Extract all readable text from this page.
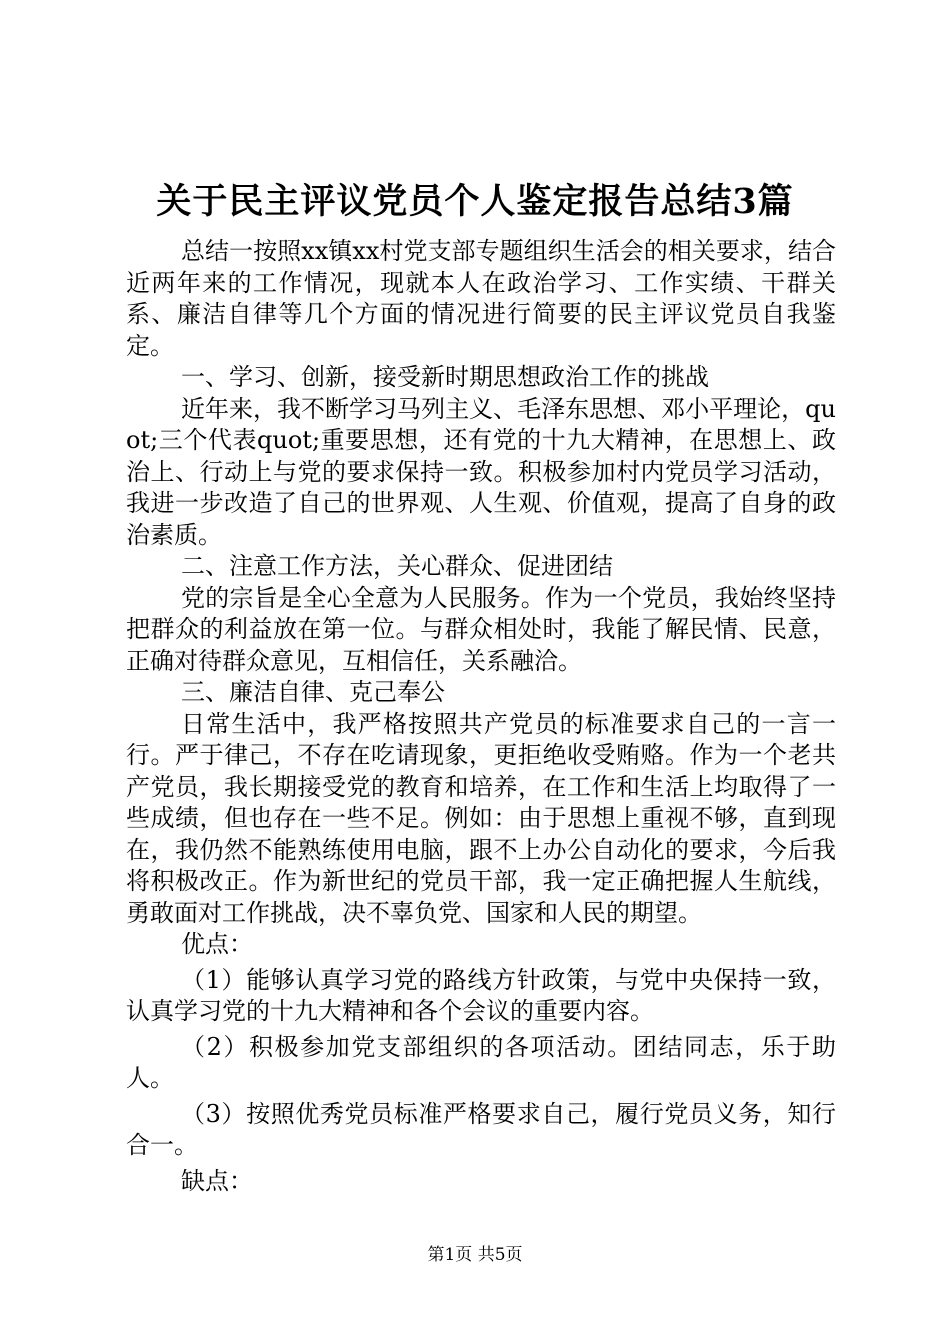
关于民主评议党员个人鉴定报告总结3篇

总结一按照xx镇xx村党支部专题组织生活会的相关要求，结合近两年来的工作情况，现就本人在政治学习、工作实绩、干群关系、廉洁自律等几个方面的情况进行简要的民主评议党员自我鉴定。

一、学习、创新，接受新时期思想政治工作的挑战

近年来，我不断学习马列主义、毛泽东思想、邓小平理论，quot;三个代表quot;重要思想，还有党的十九大精神，在思想上、政治上、行动上与党的要求保持一致。积极参加村内党员学习活动，我进一步改造了自己的世界观、人生观、价值观，提高了自身的政治素质。

二、注意工作方法，关心群众、促进团结

党的宗旨是全心全意为人民服务。作为一个党员，我始终坚持把群众的利益放在第一位。与群众相处时，我能了解民情、民意，正确对待群众意见，互相信任，关系融洽。

三、廉洁自律、克己奉公

日常生活中，我严格按照共产党员的标准要求自己的一言一行。严于律己，不存在吃请现象，更拒绝收受贿赂。作为一个老共产党员，我长期接受党的教育和培养，在工作和生活上均取得了一些成绩，但也存在一些不足。例如：由于思想上重视不够，直到现在，我仍然不能熟练使用电脑，跟不上办公自动化的要求，今后我将积极改正。作为新世纪的党员干部，我一定正确把握人生航线，勇敢面对工作挑战，决不辜负党、国家和人民的期望。

优点：

（1）能够认真学习党的路线方针政策，与党中央保持一致，认真学习党的十九大精神和各个会议的重要内容。

（2）积极参加党支部组织的各项活动。团结同志，乐于助人。

（3）按照优秀党员标准严格要求自己，履行党员义务，知行合一。

缺点：

第1页 共5页
